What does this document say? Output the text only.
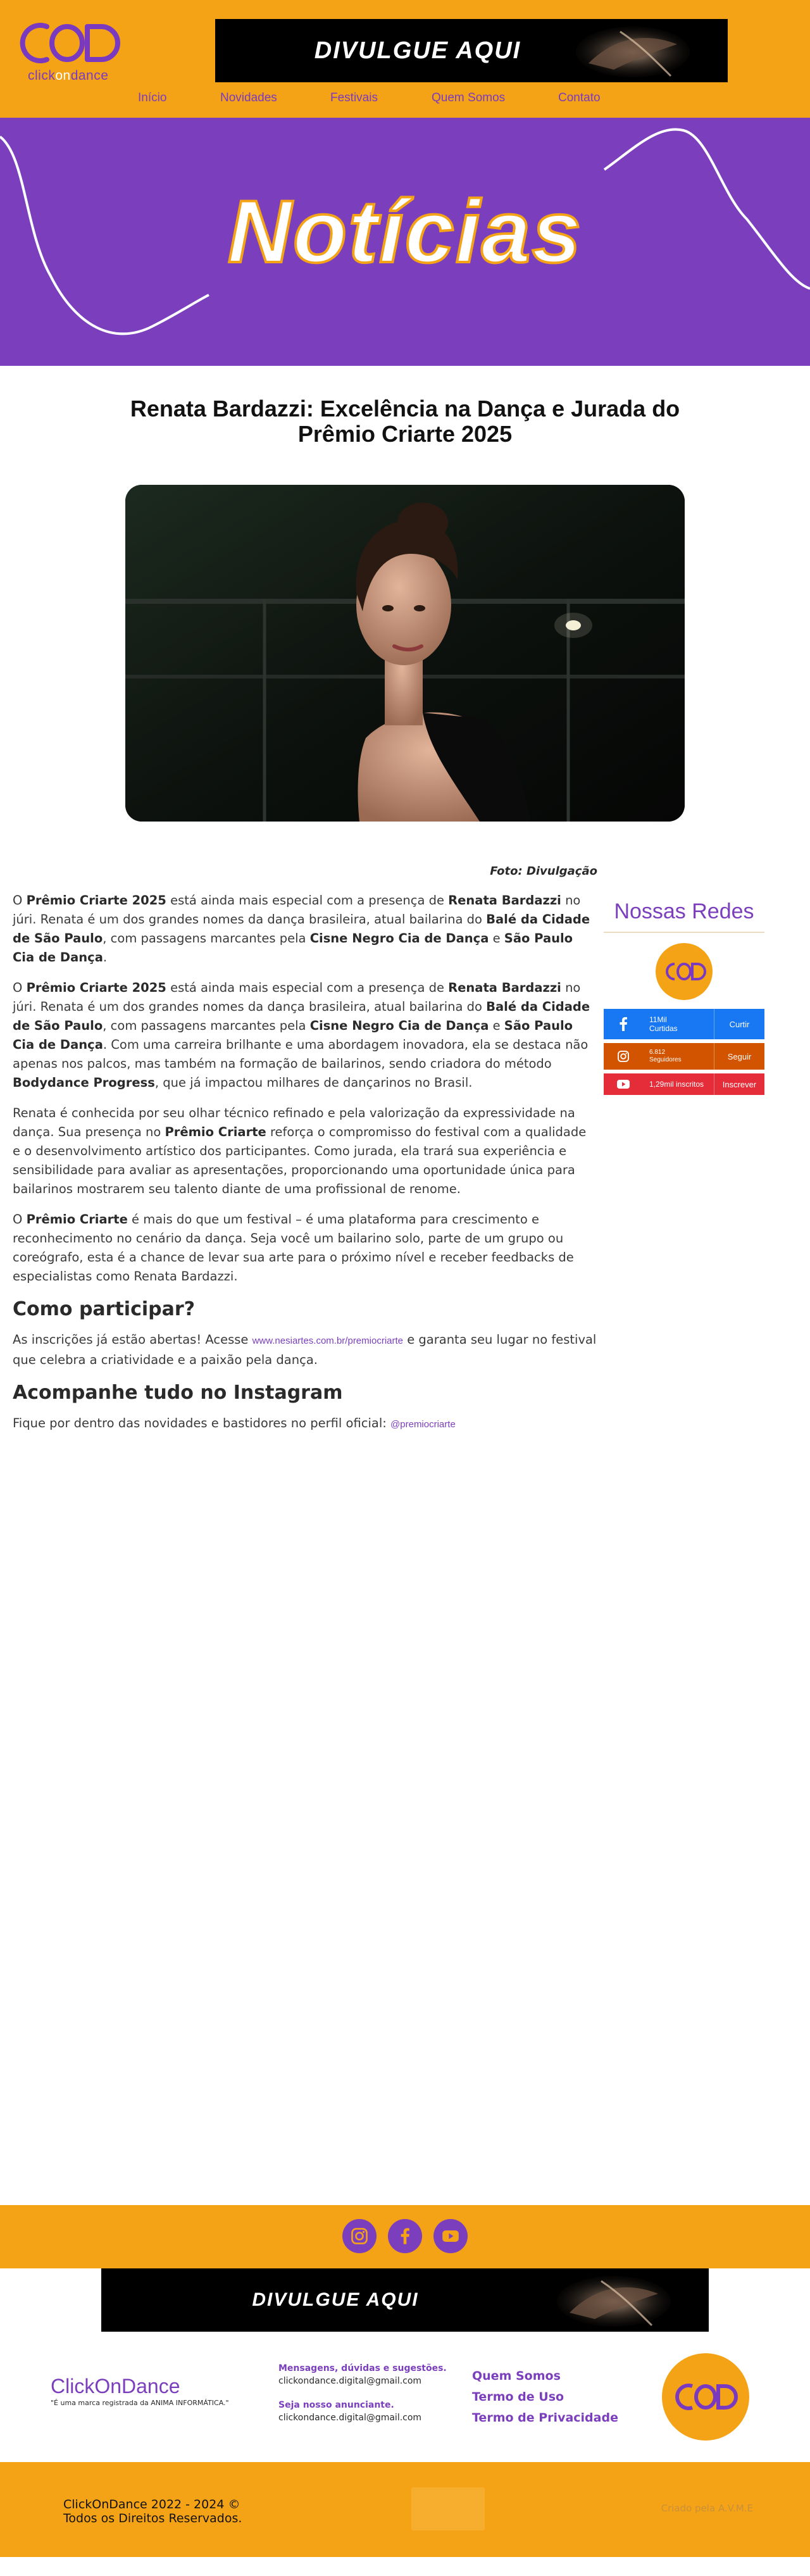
clickondance
DIVULGUE AQUI
Início	Novidades	Festivais	Quem Somos	Contato
Notícias
Renata Bardazzi: Excelência na Dança e Jurada do Prêmio Criarte 2025
Foto: Divulgação

O Prêmio Criarte 2025 está ainda mais especial com a presença de Renata Bardazzi no júri. Renata é um dos grandes nomes da dança brasileira, atual bailarina do Balé da Cidade de São Paulo, com passagens marcantes pela Cisne Negro Cia de Dança e São Paulo Cia de Dança.

O Prêmio Criarte 2025 está ainda mais especial com a presença de Renata Bardazzi no júri. Renata é um dos grandes nomes da dança brasileira, atual bailarina do Balé da Cidade de São Paulo, com passagens marcantes pela Cisne Negro Cia de Dança e São Paulo Cia de Dança. Com uma carreira brilhante e uma abordagem inovadora, ela se destaca não apenas nos palcos, mas também na formação de bailarinos, sendo criadora do método Bodydance Progress, que já impactou milhares de dançarinos no Brasil.

Renata é conhecida por seu olhar técnico refinado e pela valorização da expressividade na dança. Sua presença no Prêmio Criarte reforça o compromisso do festival com a qualidade e o desenvolvimento artístico dos participantes. Como jurada, ela trará sua experiência e sensibilidade para avaliar as apresentações, proporcionando uma oportunidade única para bailarinos mostrarem seu talento diante de uma profissional de renome.

O Prêmio Criarte é mais do que um festival – é uma plataforma para crescimento e reconhecimento no cenário da dança. Seja você um bailarino solo, parte de um grupo ou coreógrafo, esta é a chance de levar sua arte para o próximo nível e receber feedbacks de especialistas como Renata Bardazzi.

Como participar?

As inscrições já estão abertas! Acesse www.nesiartes.com.br/premiocriarte e garanta seu lugar no festival que celebra a criatividade e a paixão pela dança.

Acompanhe tudo no Instagram

Fique por dentro das novidades e bastidores no perfil oficial: @premiocriarte

Nossas Redes
11Mil
Curtidas	Curtir
6.812
Seguidores	Seguir
1,29mil inscritos	Inscrever
DIVULGUE AQUI
ClickOnDance
"É uma marca registrada da ANIMA INFORMÁTICA."
Mensagens, dúvidas e sugestões.
clickondance.digital@gmail.com
Seja nosso anunciante.
clickondance.digital@gmail.com
Quem Somos
Termo de Uso
Termo de Privacidade
ClickOnDance 2022 - 2024 ©
Todos os Direitos Reservados.
Criado pela A.V.M.E
